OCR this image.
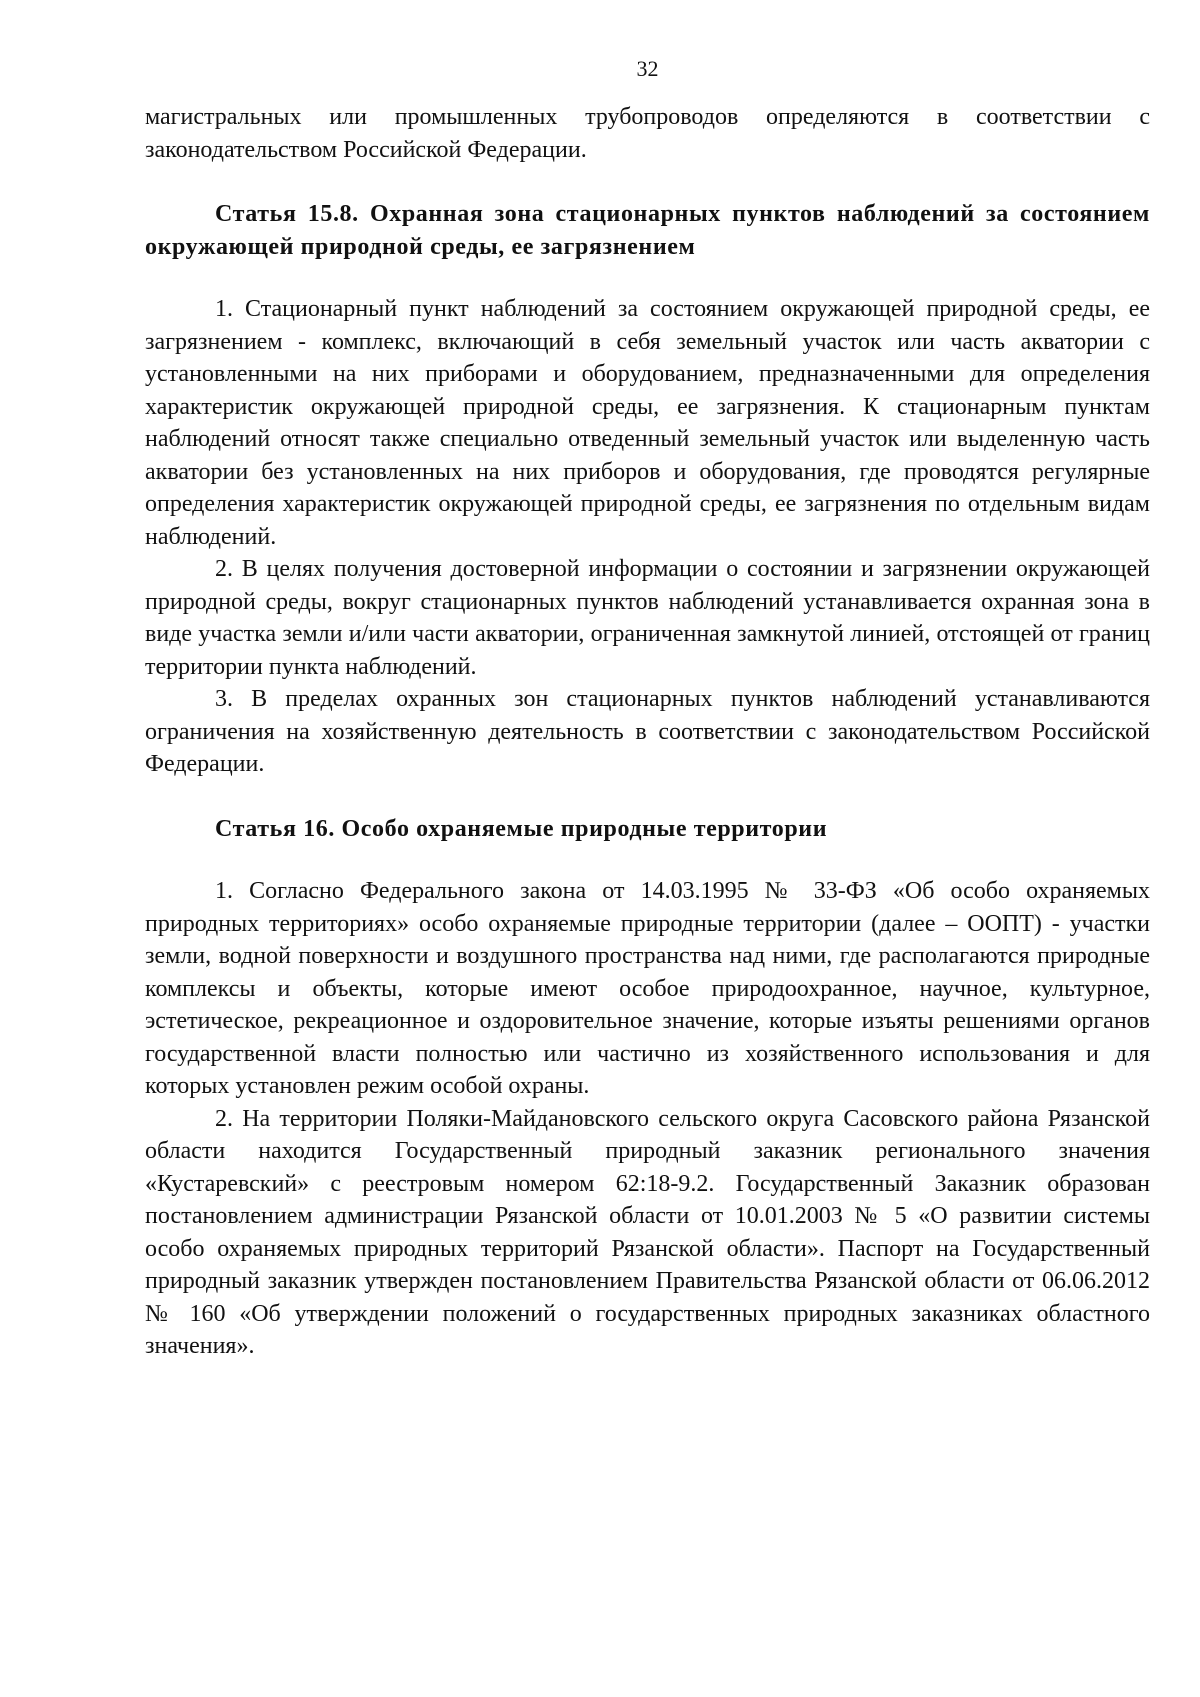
32

магистральных или промышленных трубопроводов определяются в соответствии с законодательством Российской Федерации.

Статья 15.8. Охранная зона стационарных пунктов наблюдений за состоянием окружающей природной среды, ее загрязнением

1. Стационарный пункт наблюдений за состоянием окружающей природной среды, ее загрязнением - комплекс, включающий в себя земельный участок или часть акватории с установленными на них приборами и оборудованием, предназначенными для определения характеристик окружающей природной среды, ее загрязнения. К стационарным пунктам наблюдений относят также специально отведенный земельный участок или выделенную часть акватории без установленных на них приборов и оборудования, где проводятся регулярные определения характеристик окружающей природной среды, ее загрязнения по отдельным видам наблюдений.

2. В целях получения достоверной информации о состоянии и загрязнении окружающей природной среды, вокруг стационарных пунктов наблюдений устанавливается охранная зона в виде участка земли и/или части акватории, ограниченная замкнутой линией, отстоящей от границ территории пункта наблюдений.

3. В пределах охранных зон стационарных пунктов наблюдений устанавливаются ограничения на хозяйственную деятельность в соответствии с законодательством Российской Федерации.

Статья 16. Особо охраняемые природные территории

1. Согласно Федерального закона от 14.03.1995 № 33-ФЗ «Об особо охраняемых природных территориях» особо охраняемые природные территории (далее – ООПТ) - участки земли, водной поверхности и воздушного пространства над ними, где располагаются природные комплексы и объекты, которые имеют особое природоохранное, научное, культурное, эстетическое, рекреационное и оздоровительное значение, которые изъяты решениями органов государственной власти полностью или частично из хозяйственного использования и для которых установлен режим особой охраны.

2. На территории Поляки-Майдановского сельского округа Сасовского района Рязанской области находится Государственный природный заказник регионального значения «Кустаревский» с реестровым номером 62:18-9.2. Государственный Заказник образован постановлением администрации Рязанской области от 10.01.2003 № 5 «О развитии системы особо охраняемых природных территорий Рязанской области». Паспорт на Государственный природный заказник утвержден постановлением Правительства Рязанской области от 06.06.2012 № 160 «Об утверждении положений о государственных природных заказниках областного значения».
